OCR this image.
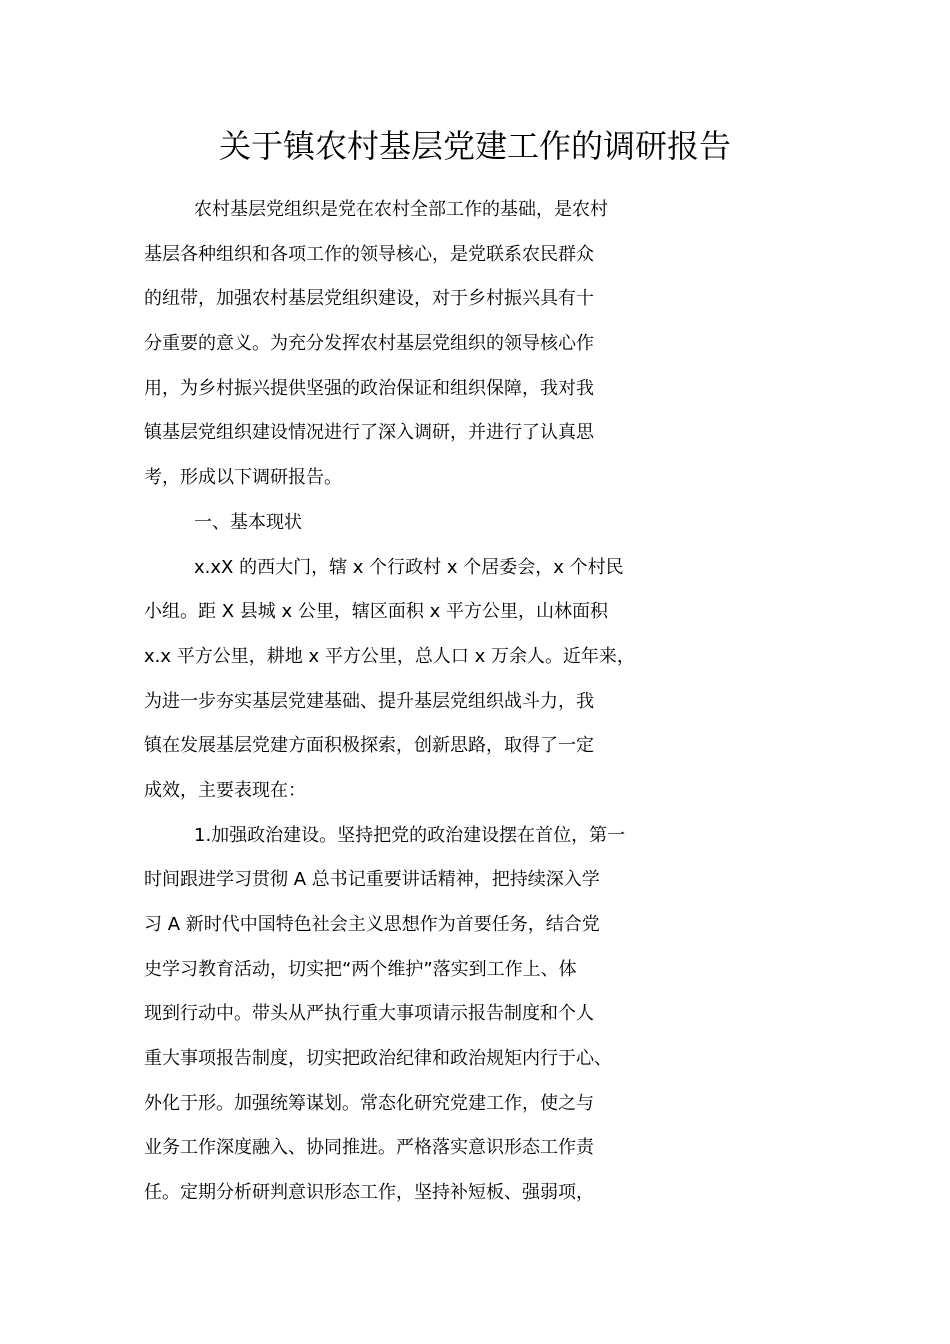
关于镇农村基层党建工作的调研报告
农村基层党组织是党在农村全部工作的基础，是农村
基层各种组织和各项工作的领导核心，是党联系农民群众
的纽带，加强农村基层党组织建设，对于乡村振兴具有十
分重要的意义。为充分发挥农村基层党组织的领导核心作
用，为乡村振兴提供坚强的政治保证和组织保障，我对我
镇基层党组织建设情况进行了深入调研，并进行了认真思
考，形成以下调研报告。
一、基本现状
x.xX 的西大门，辖 x 个行政村 x 个居委会，x 个村民
小组。距 X 县城 x 公里，辖区面积 x 平方公里，山林面积
x.x 平方公里，耕地 x 平方公里，总人口 x 万余人。近年来，
为进一步夯实基层党建基础、提升基层党组织战斗力，我
镇在发展基层党建方面积极探索，创新思路，取得了一定
成效，主要表现在：
1.加强政治建设。坚持把党的政治建设摆在首位，第一
时间跟进学习贯彻 A 总书记重要讲话精神，把持续深入学
习 A 新时代中国特色社会主义思想作为首要任务，结合党
史学习教育活动，切实把“两个维护”落实到工作上、体
现到行动中。带头从严执行重大事项请示报告制度和个人
重大事项报告制度，切实把政治纪律和政治规矩内行于心、
外化于形。加强统筹谋划。常态化研究党建工作，使之与
业务工作深度融入、协同推进。严格落实意识形态工作责
任。定期分析研判意识形态工作，坚持补短板、强弱项，
